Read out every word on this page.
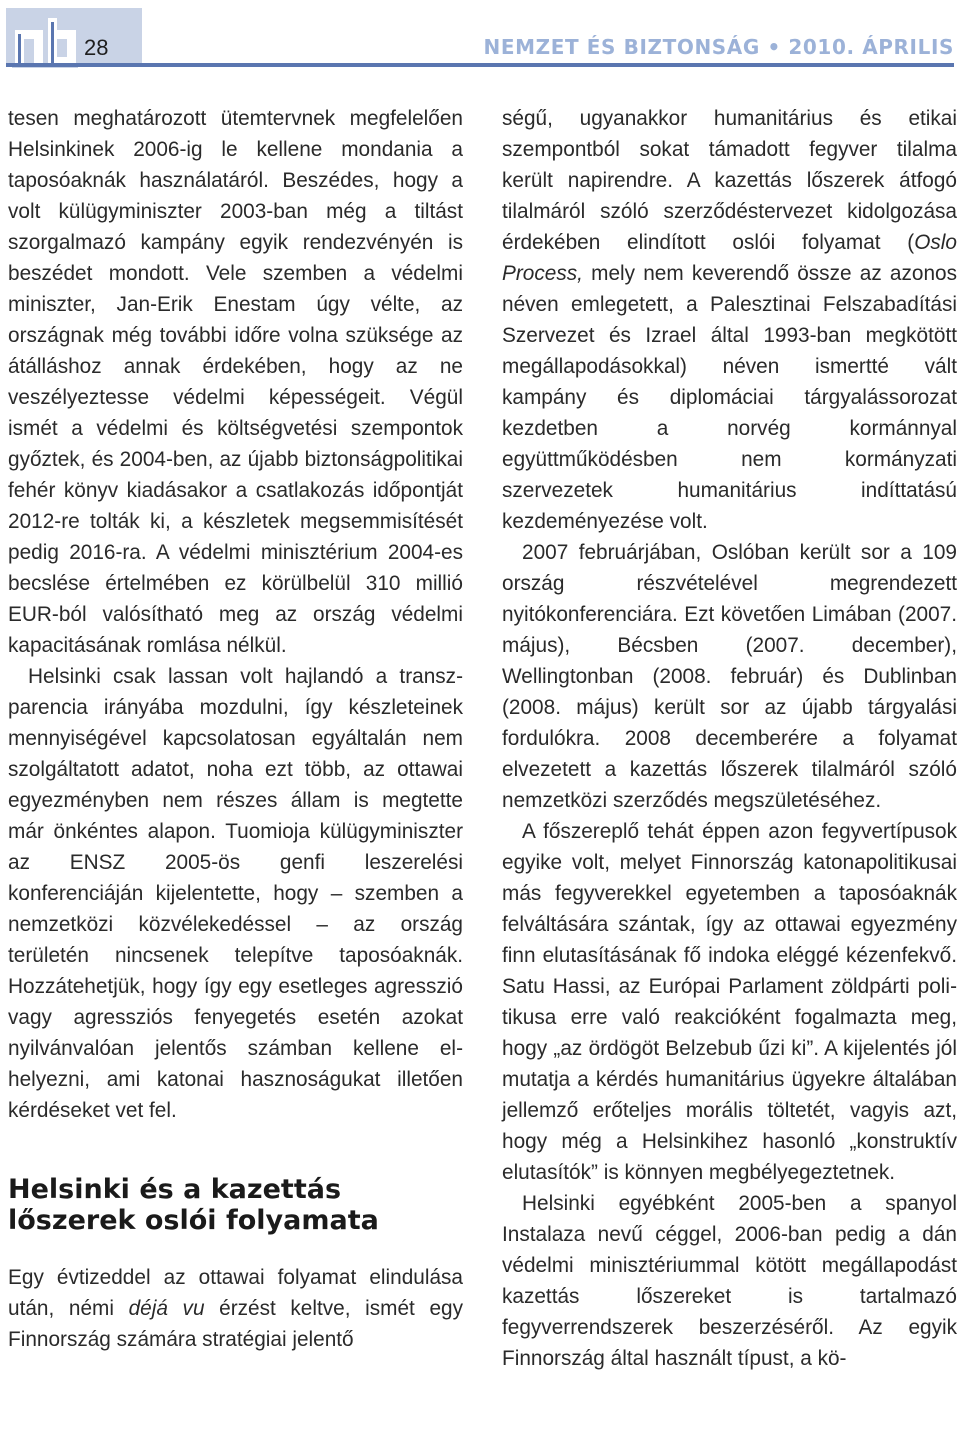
28	NEMZET ÉS BIZTONSÁG • 2010. ÁPRILIS

tesen meghatározott ütemtervnek megfelelően Helsinkinek 2006-ig le kellene mondania a taposóaknák használatáról. Beszédes, hogy a volt külügyminiszter 2003-ban még a tiltást szorgalmazó kampány egyik rendezvényén is beszédet mondott. Vele szemben a védelmi miniszter, Jan-Erik Enestam úgy vélte, az országnak még további időre volna szüksége az átálláshoz annak érdekében, hogy az ne veszélyeztesse védelmi képességeit. Végül ismét a védelmi és költségvetési szempontok győztek, és 2004-ben, az újabb biztonságpolitikai fehér könyv kiadásakor a csatlakozás időpontját 2012-re tolták ki, a készletek megsemmisítését pedig 2016-ra. A védelmi minisztérium 2004-es becslése értelmében ez körülbelül 310 millió EUR-ból valósítható meg az ország védelmi kapacitásának romlása nélkül.

Helsinki csak lassan volt hajlandó a transzparencia irányába mozdulni, így készleteinek mennyiségével kapcsolatosan egyáltalán nem szolgáltatott adatot, noha ezt több, az ottawai egyezményben nem részes állam is megtette már önkéntes alapon. Tuomioja külügyminiszter az ENSZ 2005-ös genfi leszerelési konferenciáján kijelentette, hogy – szemben a nemzetközi közvélekedéssel – az ország területén nincsenek telepítve taposóaknák. Hozzátehetjük, hogy így egy esetleges agresszió vagy agressziós fenyegetés esetén azokat nyilvánvalóan jelentős számban kellene elhelyezni, ami katonai hasznoságukat illetően kérdéseket vet fel.

Helsinki és a kazettás lőszerek oslói folyamata

Egy évtizeddel az ottawai folyamat elindulása után, némi déjá vu érzést keltve, ismét egy Finnország számára stratégiai jelentő

ségű, ugyanakkor humanitárius és etikai szempontból sokat támadott fegyver tilalma került napirendre. A kazettás lőszerek átfogó tilalmáról szóló szerződéstervezet kidolgozása érdekében elindított oslói folyamat (Oslo Process, mely nem keverendő össze az azonos néven emlegetett, a Palesztinai Felszabadítási Szervezet és Izrael által 1993-ban megkötött megállapodásokkal) néven ismertté vált kampány és diplomáciai tárgyalássorozat kezdetben a norvég kormánnyal együttműködésben nem kormányzati szervezetek humanitárius indíttatású kezdeményezése volt.

2007 februárjában, Oslóban került sor a 109 ország részvételével megrendezett nyitókonferenciára. Ezt követően Limában (2007. május), Bécsben (2007. december), Wellingtonban (2008. február) és Dublinban (2008. május) került sor az újabb tárgyalási fordulókra. 2008 decemberére a folyamat elvezetett a kazettás lőszerek tilalmáról szóló nemzetközi szerződés megszületéséhez.

A főszereplő tehát éppen azon fegyvertípusok egyike volt, melyet Finnország katonapolitikusai más fegyverekkel egyetemben a taposóaknák felváltására szántak, így az ottawai egyezmény finn elutasításának fő indoka eléggé kézenfekvő. Satu Hassi, az Európai Parlament zöldpárti politikusa erre való reakcióként fogalmazta meg, hogy „az ördögöt Belzebub űzi ki”. A kijelentés jól mutatja a kérdés humanitárius ügyekre általában jellemző erőteljes morális töltetét, vagyis azt, hogy még a Helsinkihez hasonló „konstruktív elutasítók” is könnyen megbélyegeztetnek.

Helsinki egyébként 2005-ben a spanyol Instalaza nevű céggel, 2006-ban pedig a dán védelmi minisztériummal kötött megállapodást kazettás lőszereket is tartalmazó fegyverrendszerek beszerzéséről. Az egyik Finnország által használt típust, a kö-
